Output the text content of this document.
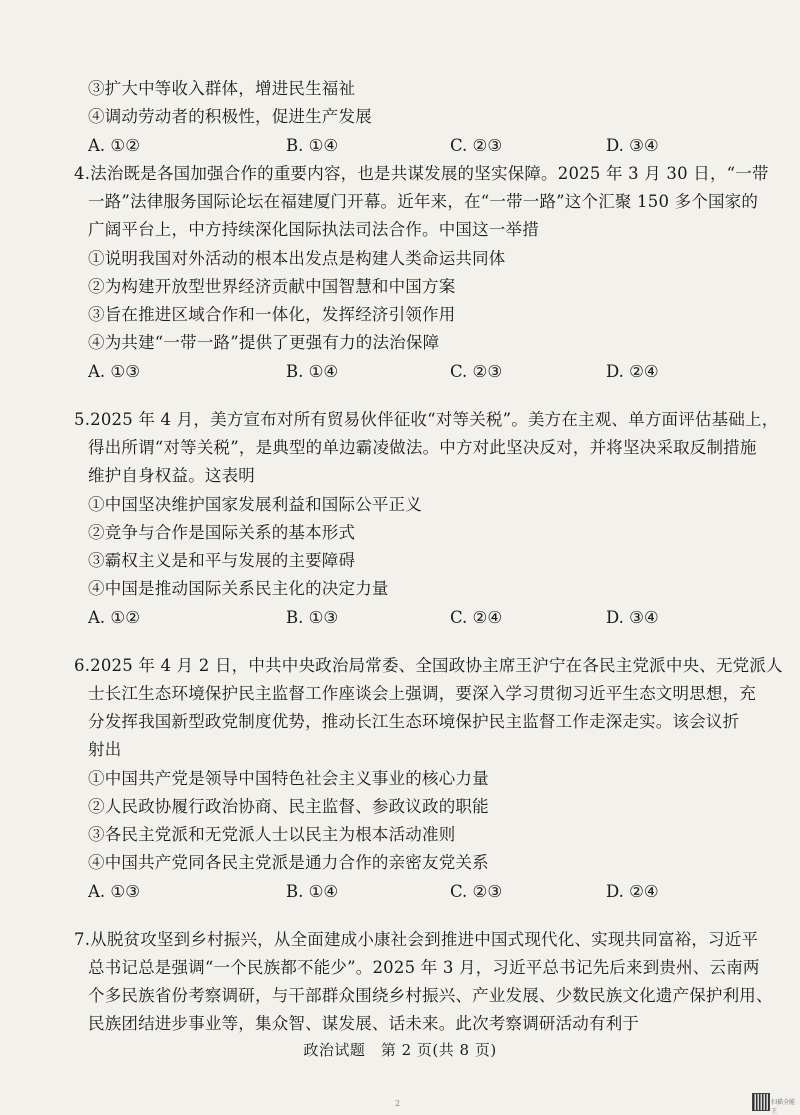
③扩大中等收入群体，增进民生福祉
④调动劳动者的积极性，促进生产发展
A. ①②	B. ①④	C. ②③	D. ③④
4.法治既是各国加强合作的重要内容，也是共谋发展的坚实保障。2025 年 3 月 30 日，“一带
一路”法律服务国际论坛在福建厦门开幕。近年来，在“一带一路”这个汇聚 150 多个国家的
广阔平台上，中方持续深化国际执法司法合作。中国这一举措
①说明我国对外活动的根本出发点是构建人类命运共同体
②为构建开放型世界经济贡献中国智慧和中国方案
③旨在推进区域合作和一体化，发挥经济引领作用
④为共建“一带一路”提供了更强有力的法治保障
A. ①③	B. ①④	C. ②③	D. ②④
5.2025 年 4 月，美方宣布对所有贸易伙伴征收“对等关税”。美方在主观、单方面评估基础上，
得出所谓“对等关税”，是典型的单边霸凌做法。中方对此坚决反对，并将坚决采取反制措施
维护自身权益。这表明
①中国坚决维护国家发展利益和国际公平正义
②竞争与合作是国际关系的基本形式
③霸权主义是和平与发展的主要障碍
④中国是推动国际关系民主化的决定力量
A. ①②	B. ①③	C. ②④	D. ③④
6.2025 年 4 月 2 日，中共中央政治局常委、全国政协主席王沪宁在各民主党派中央、无党派人
士长江生态环境保护民主监督工作座谈会上强调，要深入学习贯彻习近平生态文明思想，充
分发挥我国新型政党制度优势，推动长江生态环境保护民主监督工作走深走实。该会议折
射出
①中国共产党是领导中国特色社会主义事业的核心力量
②人民政协履行政治协商、民主监督、参政议政的职能
③各民主党派和无党派人士以民主为根本活动准则
④中国共产党同各民主党派是通力合作的亲密友党关系
A. ①③	B. ①④	C. ②③	D. ②④
7.从脱贫攻坚到乡村振兴，从全面建成小康社会到推进中国式现代化、实现共同富裕，习近平
总书记总是强调“一个民族都不能少”。2025 年 3 月，习近平总书记先后来到贵州、云南两
个多民族省份考察调研，与干部群众围绕乡村振兴、产业发展、少数民族文化遗产保护利用、
民族团结进步事业等，集众智、谋发展、话未来。此次考察调研活动有利于
政治试题　第 2 页(共 8 页)
2	扫描全能王
